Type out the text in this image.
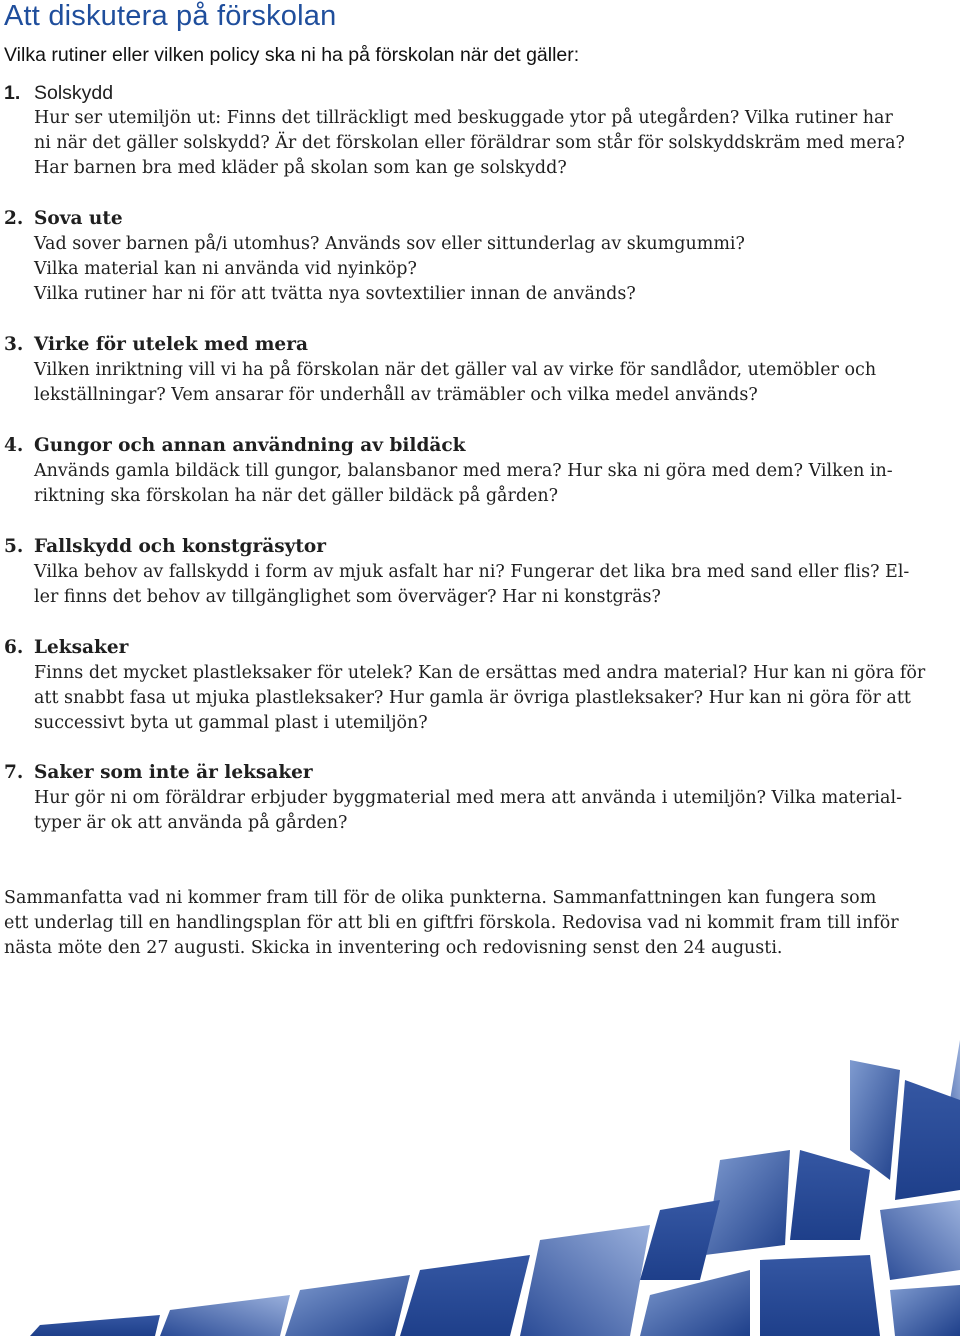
Att diskutera på förskolan
Vilka rutiner eller vilken policy ska ni ha på förskolan när det gäller:
1. Solskydd
Hur ser utemiljön ut: Finns det tillräckligt med beskuggade ytor på utegården? Vilka rutiner har
ni när det gäller solskydd? Är det förskolan eller föräldrar som står för solskyddskräm med mera?
Har barnen bra med kläder på skolan som kan ge solskydd?
2. Sova ute
Vad sover barnen på/i utomhus? Används sov eller sittunderlag av skumgummi?
Vilka material kan ni använda vid nyinköp?
Vilka rutiner har ni för att tvätta nya sovtextilier innan de används?
3. Virke för utelek med mera
Vilken inriktning vill vi ha på förskolan när det gäller val av virke för sandlådor, utemöbler och
lekställningar? Vem ansarar för underhåll av trämäbler och vilka medel används?
4. Gungor och annan användning av bildäck
Används gamla bildäck till gungor, balansbanor med mera? Hur ska ni göra med dem? Vilken in-
riktning ska förskolan ha när det gäller bildäck på gården?
5. Fallskydd och konstgräsytor
Vilka behov av fallskydd i form av mjuk asfalt har ni? Fungerar det lika bra med sand eller flis? El-
ler finns det behov av tillgänglighet som överväger? Har ni konstgräs?
6. Leksaker
Finns det mycket plastleksaker för utelek? Kan de ersättas med andra material? Hur kan ni göra för
att snabbt fasa ut mjuka plastleksaker? Hur gamla är övriga plastleksaker? Hur kan ni göra för att
successivt byta ut gammal plast i utemiljön?
7. Saker som inte är leksaker
Hur gör ni om föräldrar erbjuder byggmaterial med mera att använda i utemiljön? Vilka material-
typer är ok att använda på gården?
Sammanfatta vad ni kommer fram till för de olika punkterna. Sammanfattningen kan fungera som
ett underlag till en handlingsplan för att bli en giftfri förskola. Redovisa vad ni kommit fram till inför
nästa möte den 27 augusti. Skicka in inventering och redovisning senst den 24 augusti.
